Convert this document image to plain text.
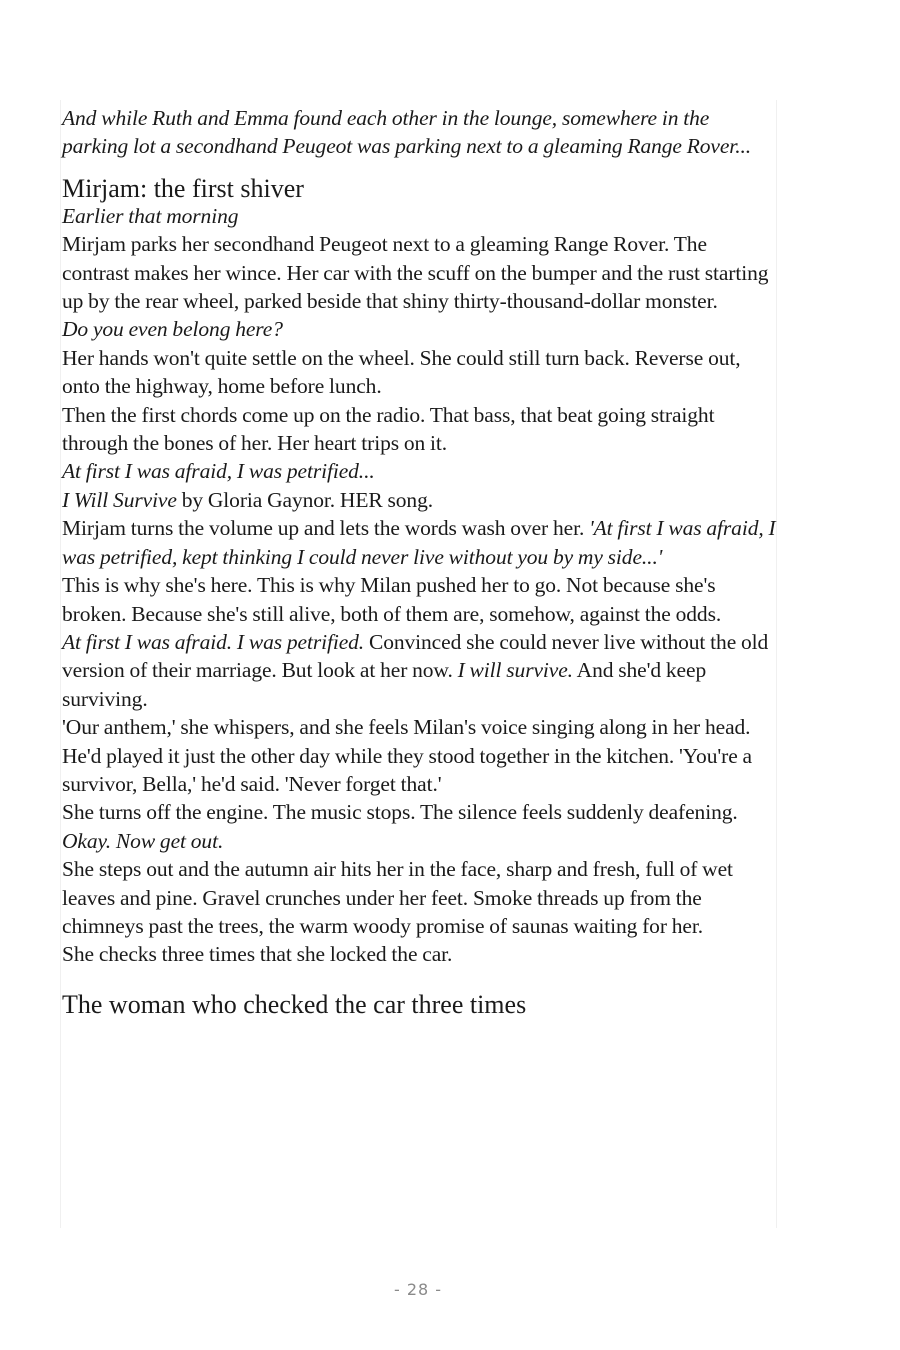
And while Ruth and Emma found each other in the lounge, somewhere in the parking lot a secondhand Peugeot was parking next to a gleaming Range Rover...

Mirjam: the first shiver

Earlier that morning

Mirjam parks her secondhand Peugeot next to a gleaming Range Rover. The contrast makes her wince. Her car with the scuff on the bumper and the rust starting up by the rear wheel, parked beside that shiny thirty-thousand-dollar monster.

Do you even belong here?

Her hands won't quite settle on the wheel. She could still turn back. Reverse out, onto the highway, home before lunch.

Then the first chords come up on the radio. That bass, that beat going straight through the bones of her. Her heart trips on it.

At first I was afraid, I was petrified...

I Will Survive by Gloria Gaynor. HER song.

Mirjam turns the volume up and lets the words wash over her. 'At first I was afraid, I was petrified, kept thinking I could never live without you by my side...'

This is why she's here. This is why Milan pushed her to go. Not because she's broken. Because she's still alive, both of them are, somehow, against the odds.

At first I was afraid. I was petrified. Convinced she could never live without the old version of their marriage. But look at her now. I will survive. And she'd keep surviving.

'Our anthem,' she whispers, and she feels Milan's voice singing along in her head. He'd played it just the other day while they stood together in the kitchen. 'You're a survivor, Bella,' he'd said. 'Never forget that.'

She turns off the engine. The music stops. The silence feels suddenly deafening.

Okay. Now get out.

She steps out and the autumn air hits her in the face, sharp and fresh, full of wet leaves and pine. Gravel crunches under her feet. Smoke threads up from the chimneys past the trees, the warm woody promise of saunas waiting for her.

She checks three times that she locked the car.

The woman who checked the car three times
- 28 -
